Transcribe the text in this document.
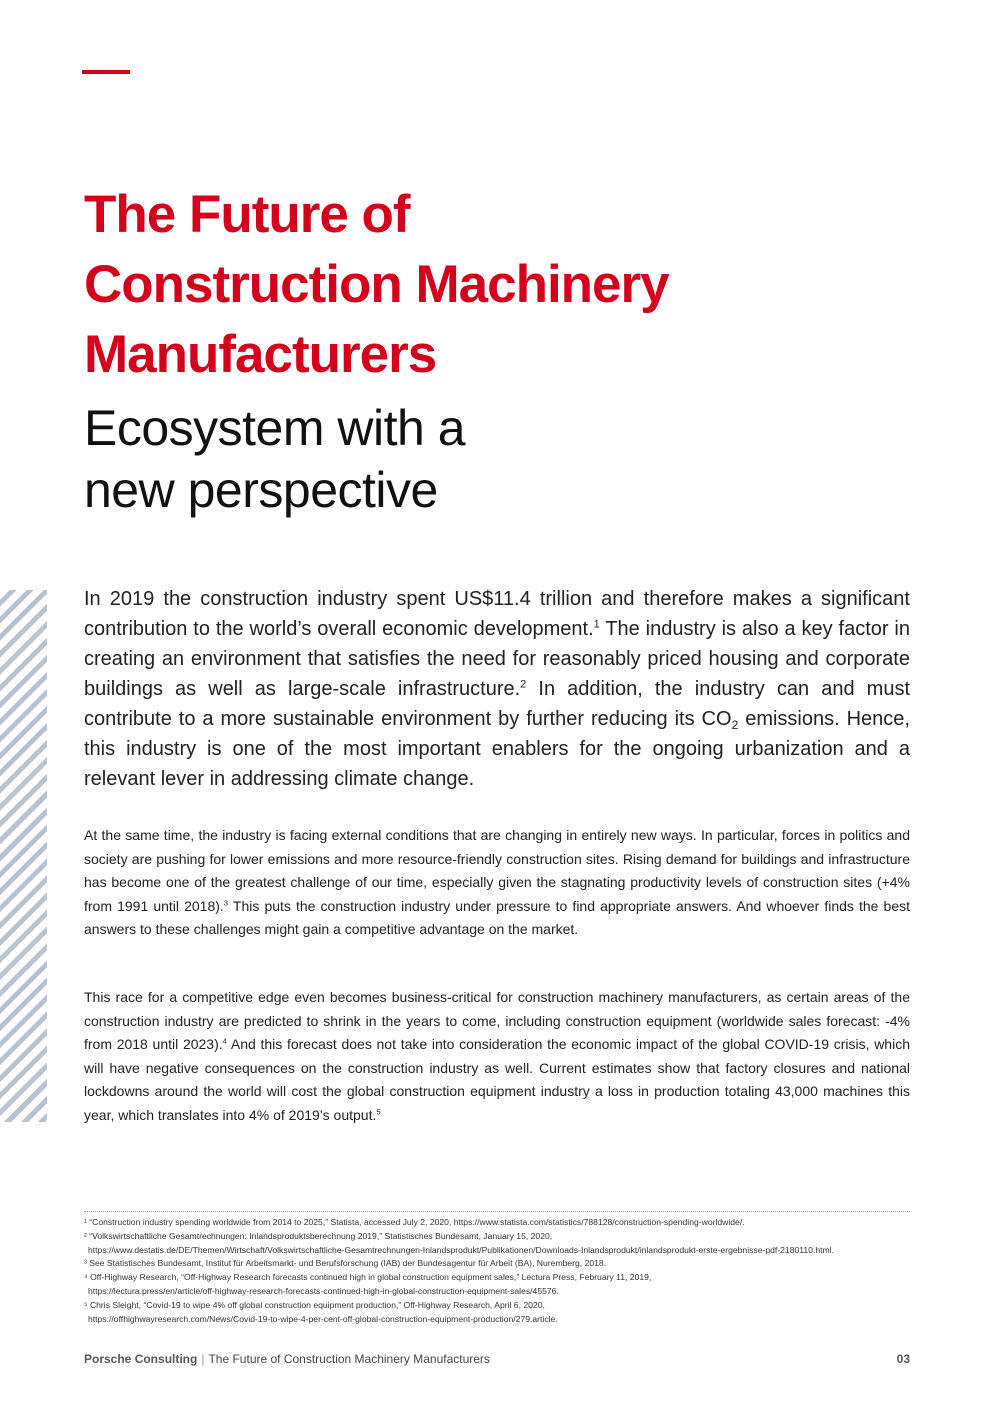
The Future of
Construction Machinery
Manufacturers
Ecosystem with a
new perspective

In 2019 the construction industry spent US$11.4 trillion and therefore makes a significant contribution to the world’s overall economic development.$^1$ The industry is also a key factor in creating an environment that satisfies the need for reasonably priced housing and corporate buildings as well as large-scale infrastructure.$^2$ In addition, the industry can and must contribute to a more sustainable environment by further reducing its $CO_2$ emissions. Hence, this industry is one of the most important enablers for the ongoing urbanization and a relevant lever in addressing climate change.

At the same time, the industry is facing external conditions that are changing in entirely new ways. In particular, forces in politics and society are pushing for lower emissions and more resource-friendly construction sites. Rising demand for buildings and infrastructure has become one of the greatest challenge of our time, especially given the stagnating productivity levels of construction sites (+4% from 1991 until 2018).$^3$ This puts the construction industry under pressure to find appropriate answers. And whoever finds the best answers to these challenges might gain a competitive advantage on the market.

This race for a competitive edge even becomes business-critical for construction machinery manufacturers, as certain areas of the construction industry are predicted to shrink in the years to come, including construction equipment (worldwide sales forecast: -4% from 2018 until 2023).$^4$ And this forecast does not take into consideration the economic impact of the global COVID-19 crisis, which will have negative consequences on the construction industry as well. Current estimates show that factory closures and national lockdowns around the world will cost the global construction equipment industry a loss in production totaling 43,000 machines this year, which translates into 4% of 2019’s output.$^5$

¹ “Construction industry spending worldwide from 2014 to 2025,” Statista, accessed July 2, 2020, https://www.statista.com/statistics/788128/construction-spending-worldwide/.
² “Volkswirtschaftliche Gesamtrechnungen: Inlandsproduktsberechnung 2019,” Statistisches Bundesamt, January 15, 2020,
https://www.destatis.de/DE/Themen/Wirtschaft/Volkswirtschaftliche-Gesamtrechnungen-Inlandsprodukt/Publikationen/Downloads-Inlandsprodukt/inlandsprodukt-erste-ergebnisse-pdf-2180110.html.
³ See Statistisches Bundesamt, Institut für Arbeitsmarkt- und Berufsforschung (IAB) der Bundesagentur für Arbeit (BA), Nuremberg, 2018.
⁴ Off-Highway Research, “Off-Highway Research forecasts continued high in global construction equipment sales,” Lectura Press, February 11, 2019,
https://lectura.press/en/article/off-highway-research-forecasts-continued-high-in-global-construction-equipment-sales/45576.
⁵ Chris Sleight, “Covid-19 to wipe 4% off global construction equipment production,” Off-Highway Research, April 6, 2020,
https://offhighwayresearch.com/News/Covid-19-to-wipe-4-per-cent-off-global-construction-equipment-production/279.article.
Porsche Consulting | The Future of Construction Machinery Manufacturers	03
